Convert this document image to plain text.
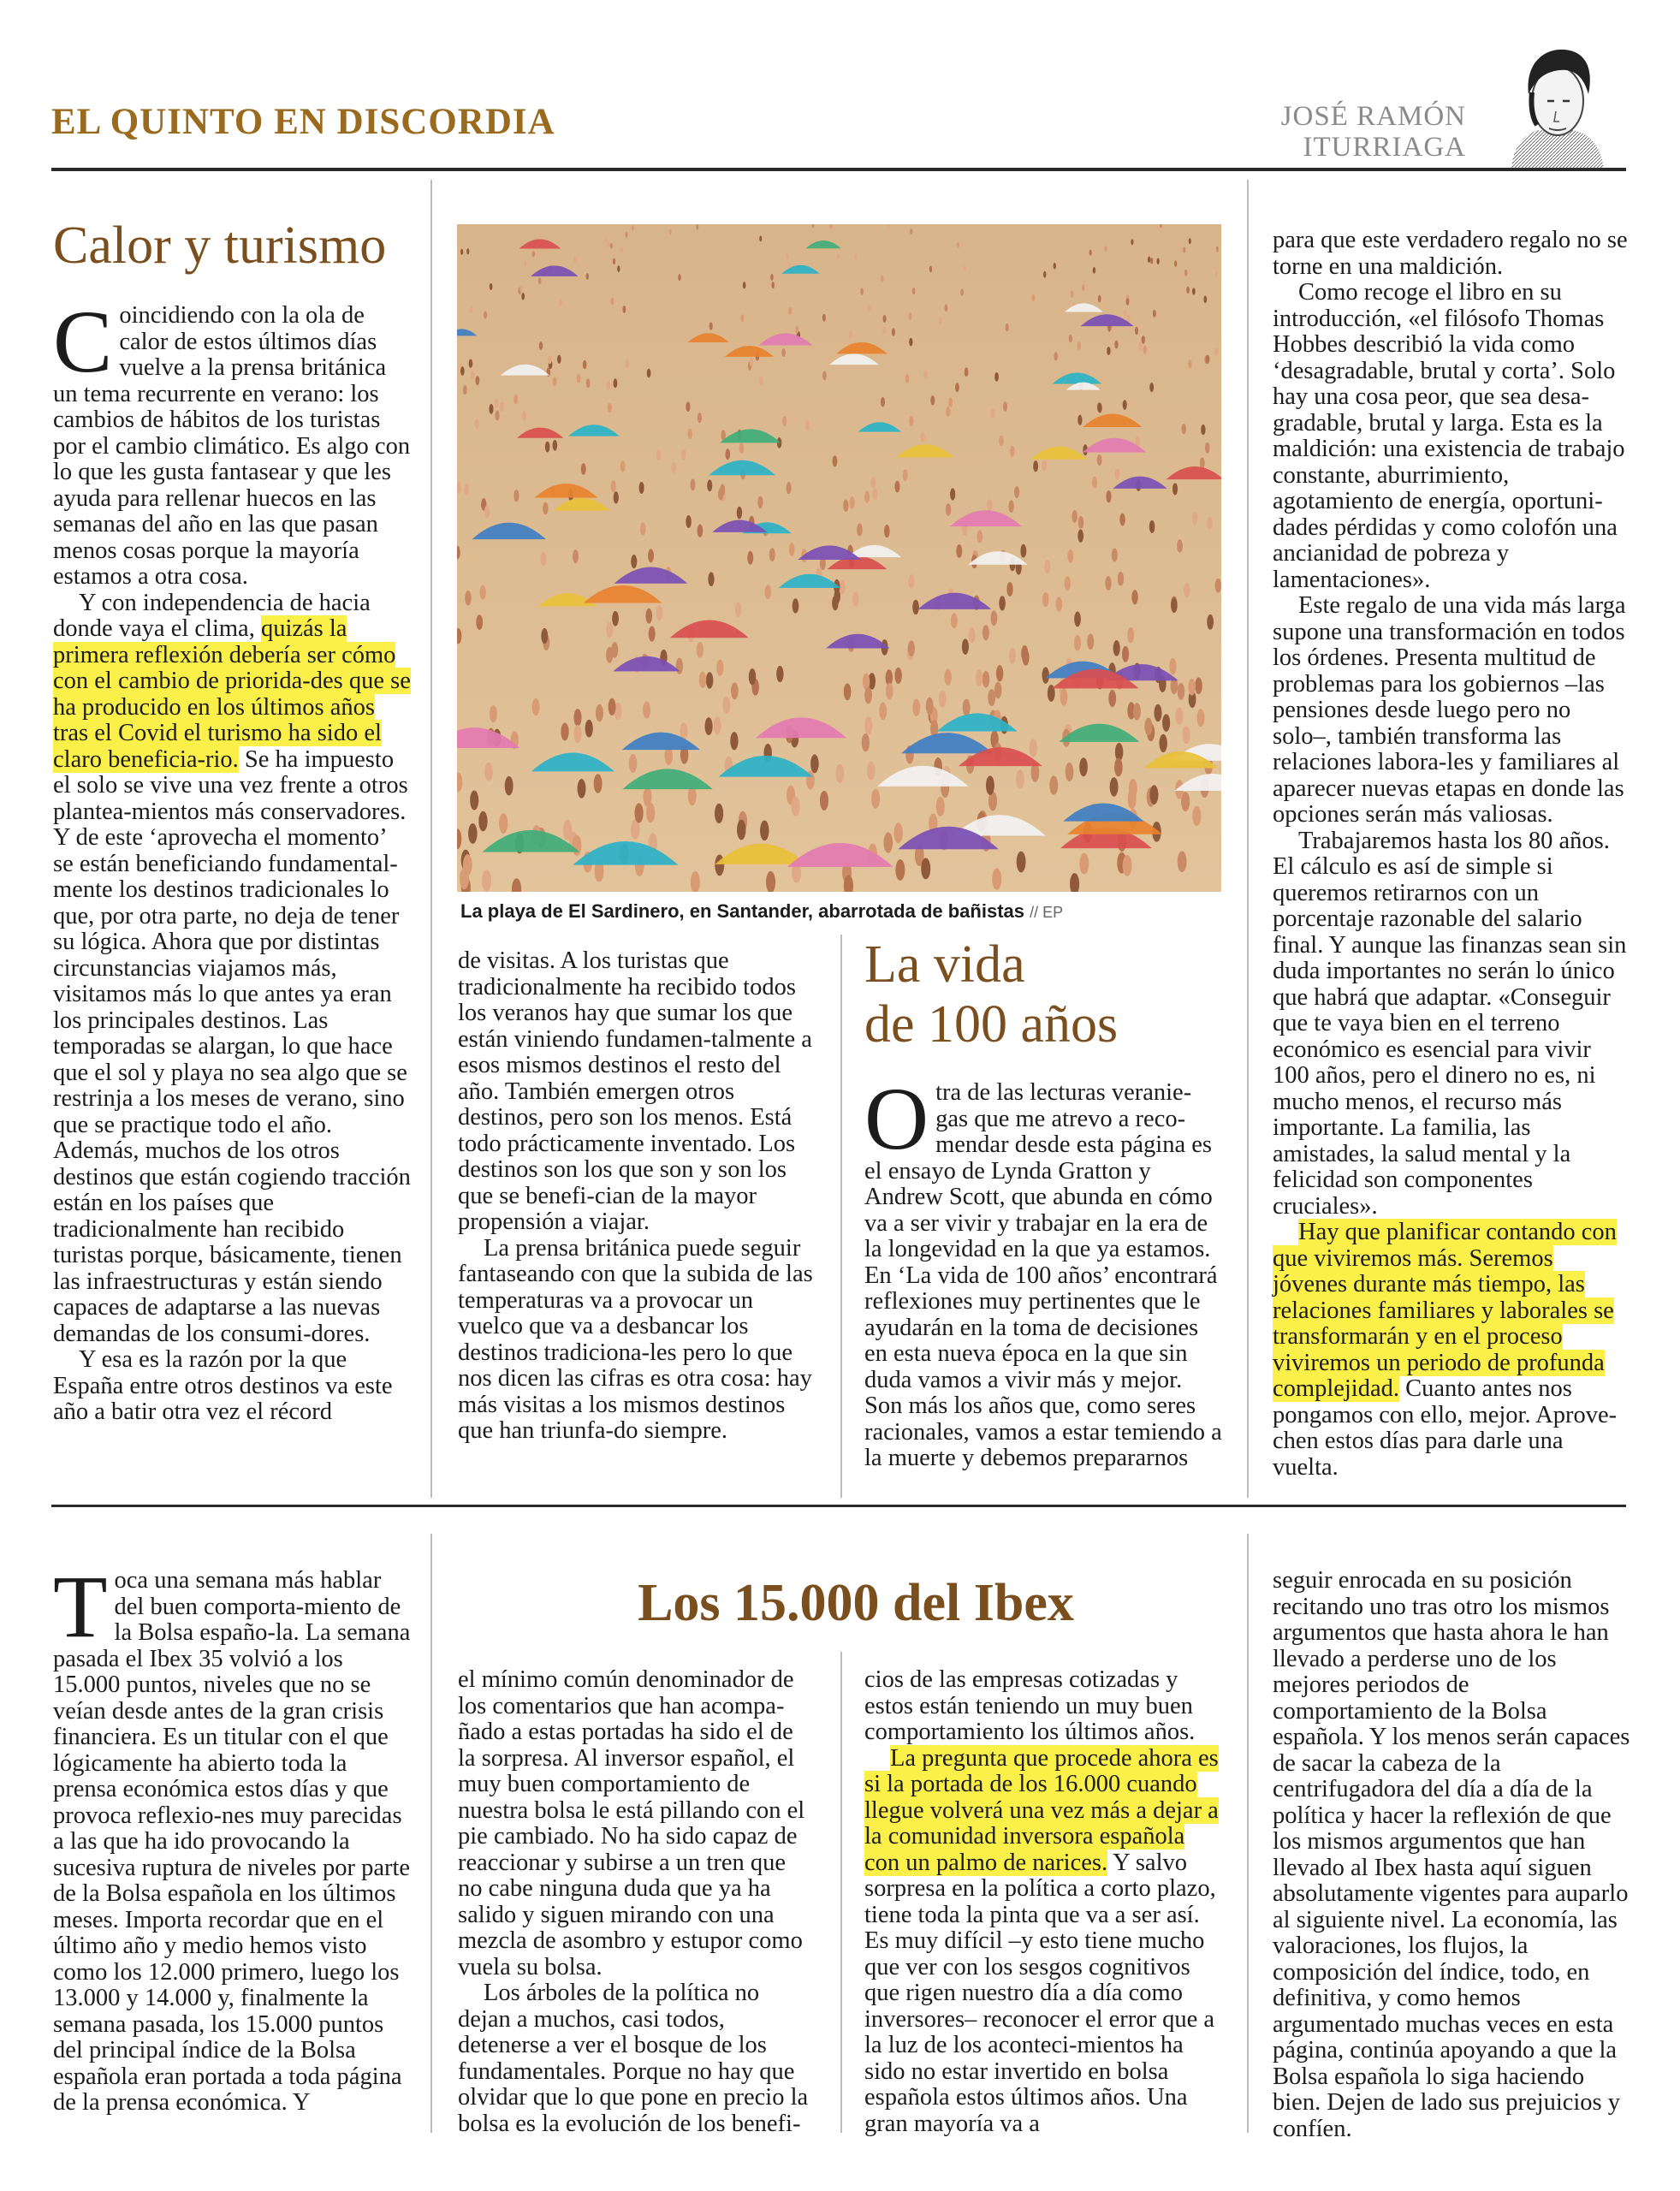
EL QUINTO EN DISCORDIA	JOSÉ RAMÓN
ITURRIAGA
Calor y turismo

Coincidiendo con la ola de calor de estos últimos días vuelve a la prensa británica un tema recurrente en verano: los cambios de hábitos de los turistas por el cambio climático. Es algo con lo que les gusta fantasear y que les ayuda para rellenar huecos en las semanas del año en las que pasan menos cosas porque la mayoría estamos a otra cosa.

Y con independencia de hacia donde vaya el clima, quizás la primera reflexión debería ser cómo con el cambio de priorida-des que se ha producido en los últimos años tras el Covid el turismo ha sido el claro beneficia-rio. Se ha impuesto el solo se vive una vez frente a otros plantea-mientos más conservadores. Y de este ‘aprovecha el momento’ se están beneficiando fundamental-mente los destinos tradicionales lo que, por otra parte, no deja de tener su lógica. Ahora que por distintas circunstancias viajamos más, visitamos más lo que antes ya eran los principales destinos. Las temporadas se alargan, lo que hace que el sol y playa no sea algo que se restrinja a los meses de verano, sino que se practique todo el año. Además, muchos de los otros destinos que están cogiendo tracción están en los países que tradicionalmente han recibido turistas porque, básicamente, tienen las infraestructuras y están siendo capaces de adaptarse a las nuevas demandas de los consumi-dores.

Y esa es la razón por la que España entre otros destinos va este año a batir otra vez el récord

La playa de El Sardinero, en Santander, abarrotada de bañistas // EP

de visitas. A los turistas que tradicionalmente ha recibido todos los veranos hay que sumar los que están viniendo fundamen-talmente a esos mismos destinos el resto del año. También emergen otros destinos, pero son los menos. Está todo prácticamente inventado. Los destinos son los que son y son los que se benefi-cian de la mayor propensión a viajar.

La prensa británica puede seguir fantaseando con que la subida de las temperaturas va a provocar un vuelco que va a desbancar los destinos tradiciona-les pero lo que nos dicen las cifras es otra cosa: hay más visitas a los mismos destinos que han triunfa-do siempre.

La vida
de 100 años

Otra de las lecturas veranie-gas que me atrevo a reco-mendar desde esta página es el ensayo de Lynda Gratton y Andrew Scott, que abunda en cómo va a ser vivir y trabajar en la era de la longevidad en la que ya estamos. En ‘La vida de 100 años’ encontrará reflexiones muy pertinentes que le ayudarán en la toma de decisiones en esta nueva época en la que sin duda vamos a vivir más y mejor. Son más los años que, como seres racionales, vamos a estar temiendo a la muerte y debemos prepararnos

para que este verdadero regalo no se torne en una maldición.

Como recoge el libro en su introducción, «el filósofo Thomas Hobbes describió la vida como ‘desagradable, brutal y corta’. Solo hay una cosa peor, que sea desa-gradable, brutal y larga. Esta es la maldición: una existencia de trabajo constante, aburrimiento, agotamiento de energía, oportuni-dades pérdidas y como colofón una ancianidad de pobreza y lamentaciones».

Este regalo de una vida más larga supone una transformación en todos los órdenes. Presenta multitud de problemas para los gobiernos –las pensiones desde luego pero no solo–, también transforma las relaciones labora-les y familiares al aparecer nuevas etapas en donde las opciones serán más valiosas.

Trabajaremos hasta los 80 años. El cálculo es así de simple si queremos retirarnos con un porcentaje razonable del salario final. Y aunque las finanzas sean sin duda importantes no serán lo único que habrá que adaptar. «Conseguir que te vaya bien en el terreno económico es esencial para vivir 100 años, pero el dinero no es, ni mucho menos, el recurso más importante. La familia, las amistades, la salud mental y la felicidad son componentes cruciales».

Hay que planificar contando con que viviremos más. Seremos jóvenes durante más tiempo, las relaciones familiares y laborales se transformarán y en el proceso viviremos un periodo de profunda complejidad. Cuanto antes nos pongamos con ello, mejor. Aprove-chen estos días para darle una vuelta.

Los 15.000 del Ibex

Toca una semana más hablar del buen comporta-miento de la Bolsa españo-la. La semana pasada el Ibex 35 volvió a los 15.000 puntos, niveles que no se veían desde antes de la gran crisis financiera. Es un titular con el que lógicamente ha abierto toda la prensa económica estos días y que provoca reflexio-nes muy parecidas a las que ha ido provocando la sucesiva ruptura de niveles por parte de la Bolsa española en los últimos meses. Importa recordar que en el último año y medio hemos visto como los 12.000 primero, luego los 13.000 y 14.000 y, finalmente la semana pasada, los 15.000 puntos del principal índice de la Bolsa española eran portada a toda página de la prensa económica. Y

el mínimo común denominador de los comentarios que han acompa-ñado a estas portadas ha sido el de la sorpresa. Al inversor español, el muy buen comportamiento de nuestra bolsa le está pillando con el pie cambiado. No ha sido capaz de reaccionar y subirse a un tren que no cabe ninguna duda que ya ha salido y siguen mirando con una mezcla de asombro y estupor como vuela su bolsa.

Los árboles de la política no dejan a muchos, casi todos, detenerse a ver el bosque de los fundamentales. Porque no hay que olvidar que lo que pone en precio la bolsa es la evolución de los benefi-

cios de las empresas cotizadas y estos están teniendo un muy buen comportamiento los últimos años.

La pregunta que procede ahora es si la portada de los 16.000 cuando llegue volverá una vez más a dejar a la comunidad inversora española con un palmo de narices. Y salvo sorpresa en la política a corto plazo, tiene toda la pinta que va a ser así. Es muy difícil –y esto tiene mucho que ver con los sesgos cognitivos que rigen nuestro día a día como inversores– reconocer el error que a la luz de los aconteci-mientos ha sido no estar invertido en bolsa española estos últimos años. Una gran mayoría va a

seguir enrocada en su posición recitando uno tras otro los mismos argumentos que hasta ahora le han llevado a perderse uno de los mejores periodos de comportamiento de la Bolsa española. Y los menos serán capaces de sacar la cabeza de la centrifugadora del día a día de la política y hacer la reflexión de que los mismos argumentos que han llevado al Ibex hasta aquí siguen absolutamente vigentes para auparlo al siguiente nivel. La economía, las valoraciones, los flujos, la composición del índice, todo, en definitiva, y como hemos argumentado muchas veces en esta página, continúa apoyando a que la Bolsa española lo siga haciendo bien. Dejen de lado sus prejuicios y confíen.
